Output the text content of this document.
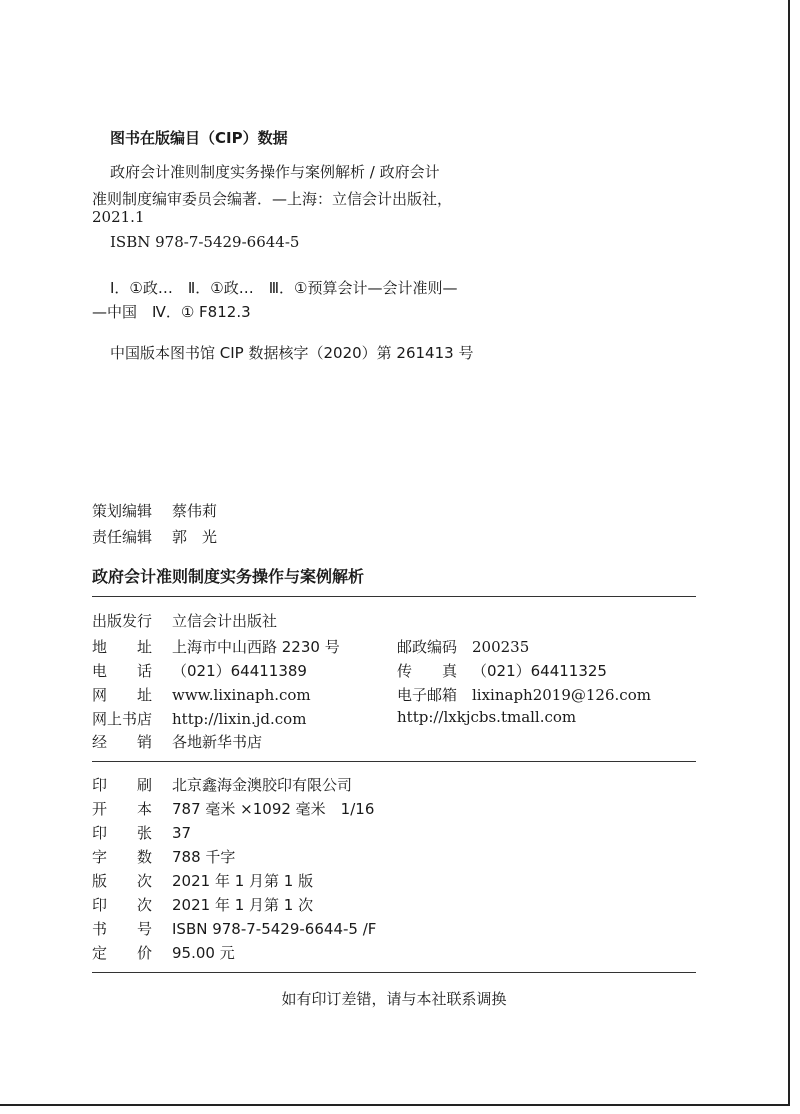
图书在版编目（CIP）数据
政府会计准则制度实务操作与案例解析 / 政府会计
准则制度编审委员会编著．—上海：立信会计出版社，
2021.1
ISBN 978-7-5429-6644-5
Ⅰ．①政…　Ⅱ．①政…　Ⅲ．①预算会计—会计准则—
—中国　Ⅳ．① F812.3
中国版本图书馆 CIP 数据核字（2020）第 261413 号
策划编辑 蔡伟莉
责任编辑 郭　光
政府会计准则制度实务操作与案例解析
出版发行 立信会计出版社
地　　址 上海市中山西路 2230 号	邮政编码 200235
电　　话 （021）64411389	传　　真 （021）64411325
网　　址 www.lixinaph.com	电子邮箱 lixinaph2019@126.com
网上书店 http://lixin.jd.com	http://lxkjcbs.tmall.com
经　　销 各地新华书店
印　　刷 北京鑫海金澳胶印有限公司
开　　本 787 毫米 ×1092 毫米　1/16
印　　张 37
字　　数 788 千字
版　　次 2021 年 1 月第 1 版
印　　次 2021 年 1 月第 1 次
书　　号 ISBN 978-7-5429-6644-5 /F
定　　价 95.00 元
如有印订差错，请与本社联系调换
